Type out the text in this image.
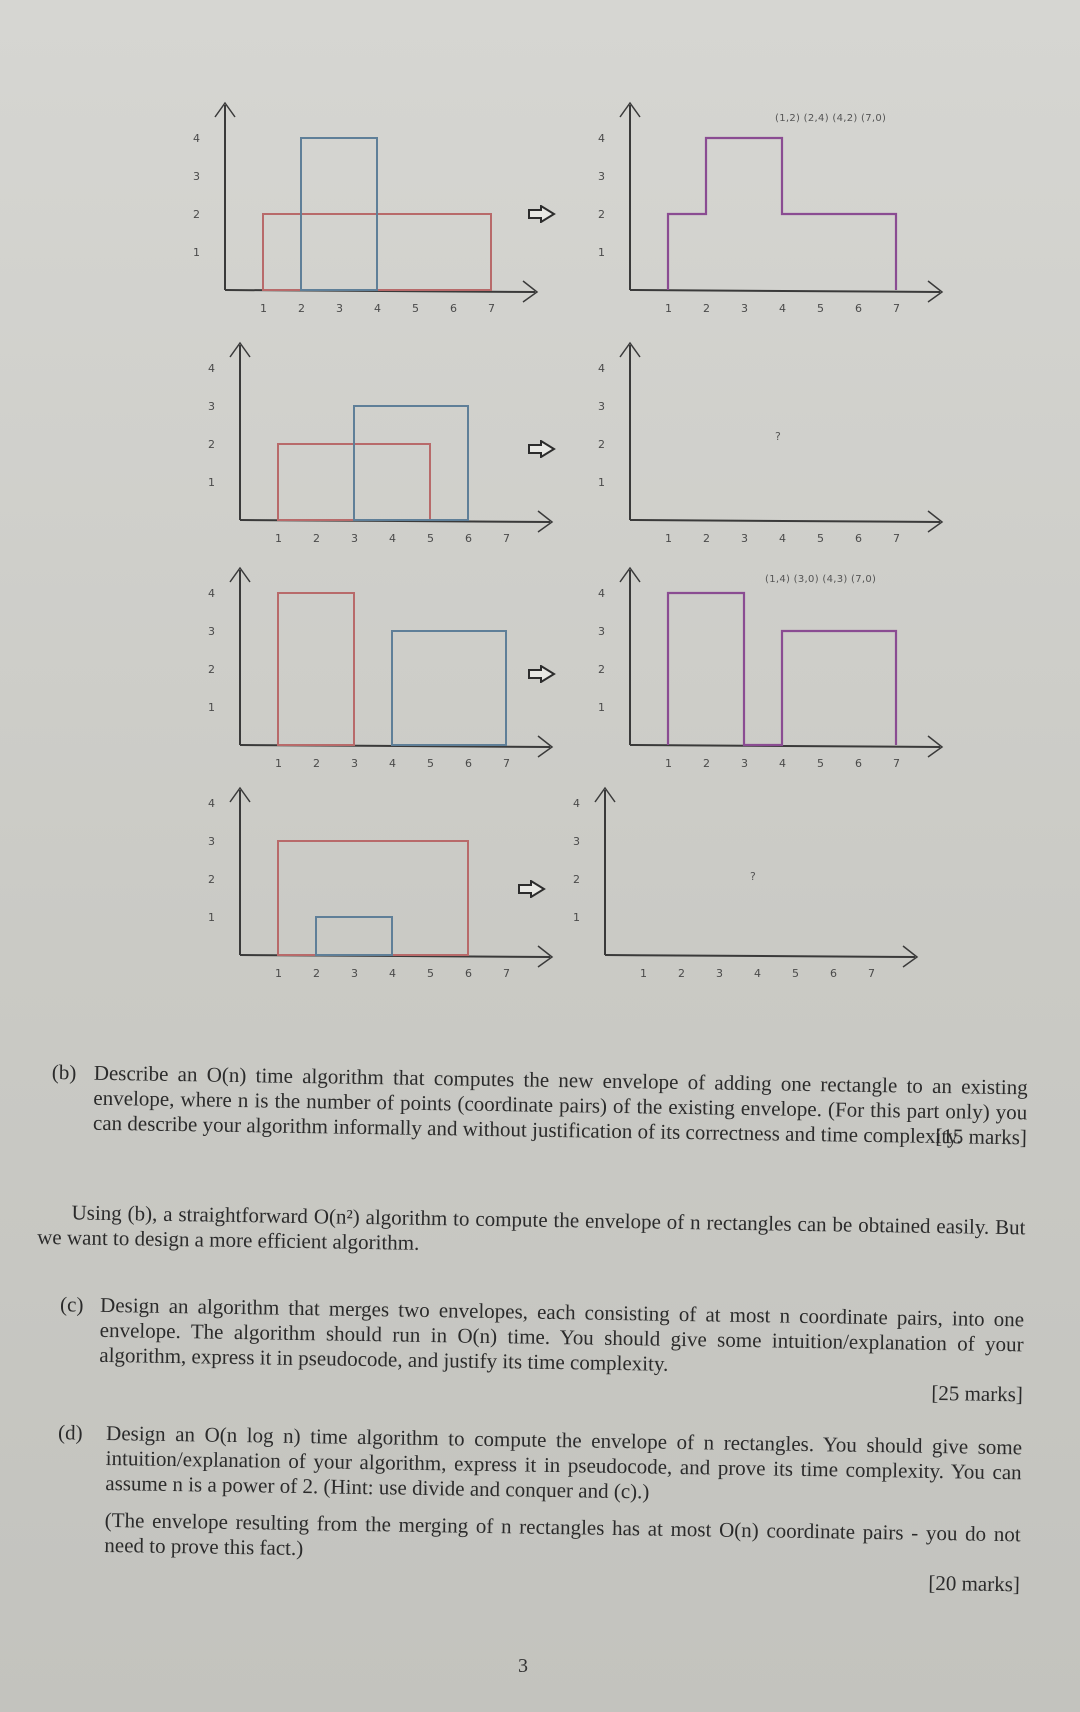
1	2	3	4	5	6	7
1
2
3
4
1	2	3	4	5	6	7
1
2
3
4
(1,2) (2,4) (4,2) (7,0)
1	2	3	4	5	6	7
1
2
3
4
1	2	3	4	5	6	7
1
2
3
4
?
1	2	3	4	5	6	7
1
2
3
4
1	2	3	4	5	6	7
1
2
3
4
(1,4) (3,0) (4,3) (7,0)
1	2	3	4	5	6	7
1
2
3
4
1	2	3	4	5	6	7
1
2
3
4
?
(b) Describe an O(n) time algorithm that computes the new envelope of adding one rectangle to an existing envelope, where n is the number of points (coordinate pairs) of the existing envelope. (For this part only) you can describe your algorithm informally and without justification of its correctness and time complexity.
[15 marks]
Using (b), a straightforward O(n²) algorithm to compute the envelope of n rectangles can be obtained easily. But we want to design a more efficient algorithm.
(c) Design an algorithm that merges two envelopes, each consisting of at most n coordinate pairs, into one envelope. The algorithm should run in O(n) time. You should give some intuition/explanation of your algorithm, express it in pseudocode, and justify its time complexity.
[25 marks]
(d) Design an O(n log n) time algorithm to compute the envelope of n rectangles. You should give some intuition/explanation of your algorithm, express it in pseudocode, and prove its time complexity. You can assume n is a power of 2. (Hint: use divide and conquer and (c).)
(The envelope resulting from the merging of n rectangles has at most O(n) coordinate pairs - you do not need to prove this fact.)
[20 marks]
3
